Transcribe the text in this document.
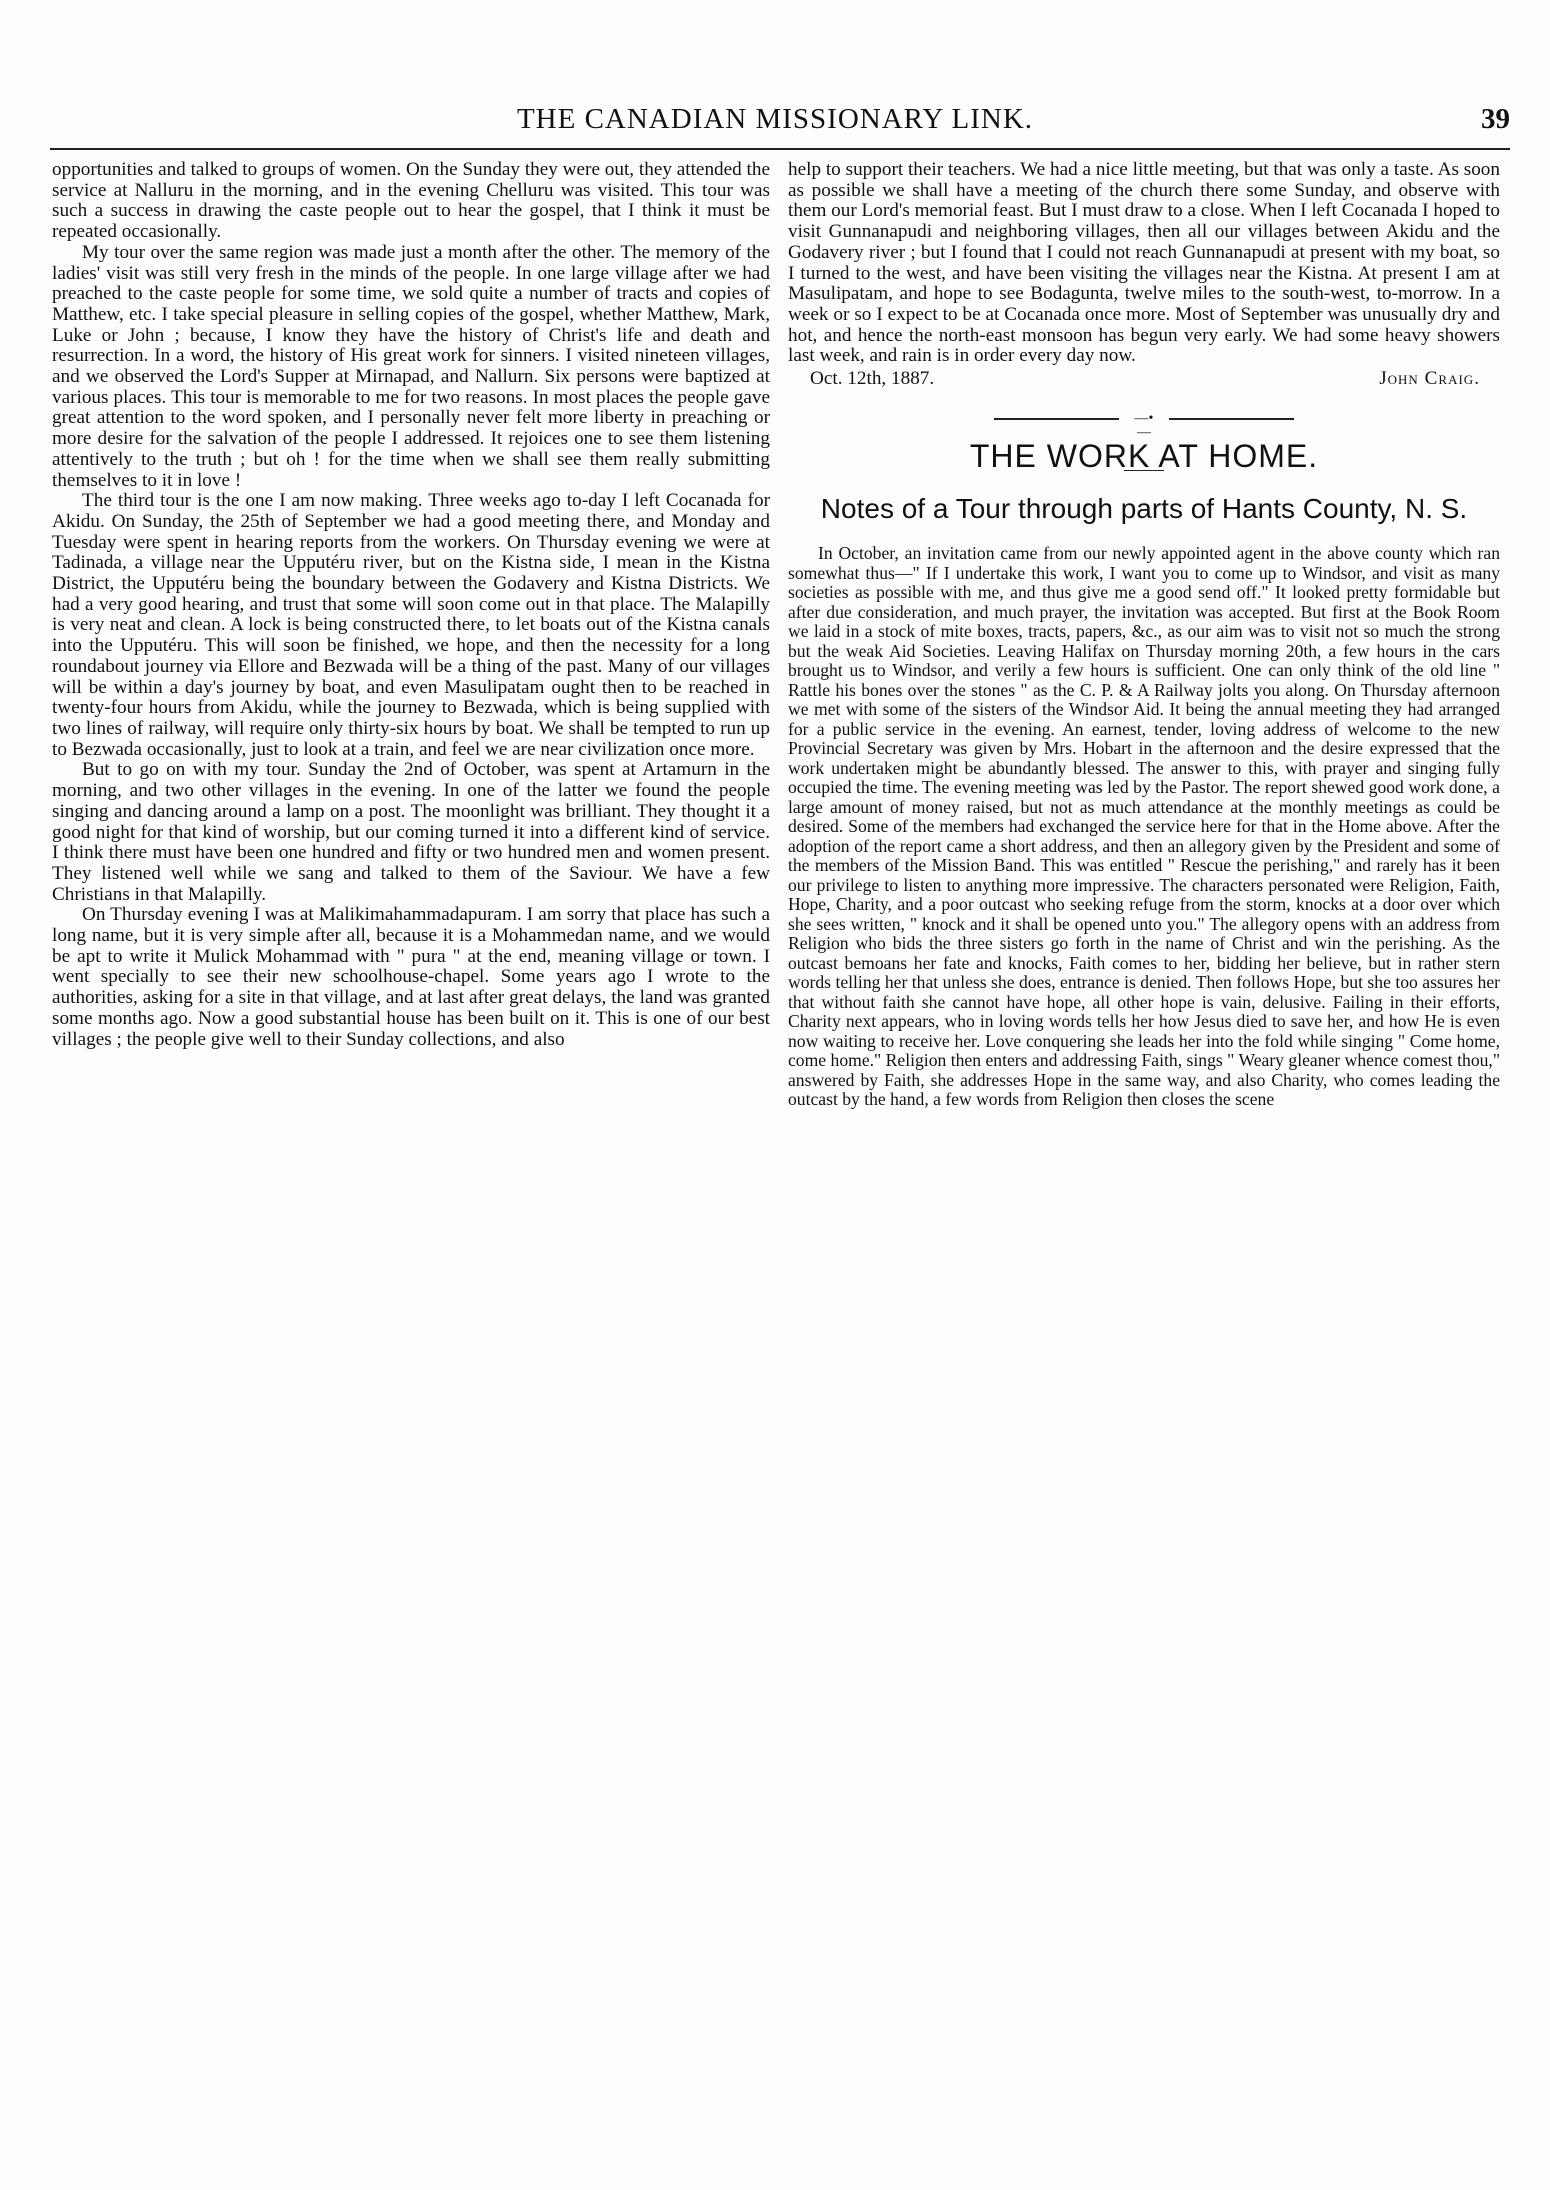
THE CANADIAN MISSIONARY LINK.	39

opportunities and talked to groups of women. On the Sunday they were out, they attended the service at Nalluru in the morning, and in the evening Chelluru was visited. This tour was such a success in drawing the caste people out to hear the gospel, that I think it must be repeated occasionally.

My tour over the same region was made just a month after the other. The memory of the ladies' visit was still very fresh in the minds of the people. In one large village after we had preached to the caste people for some time, we sold quite a number of tracts and copies of Matthew, etc. I take special pleasure in selling copies of the gospel, whether Matthew, Mark, Luke or John ; because, I know they have the history of Christ's life and death and resurrection. In a word, the history of His great work for sinners. I visited nineteen villages, and we observed the Lord's Supper at Mirnapad, and Nallurn. Six persons were baptized at various places. This tour is memorable to me for two reasons. In most places the people gave great attention to the word spoken, and I personally never felt more liberty in preaching or more desire for the salvation of the people I addressed. It rejoices one to see them listening attentively to the truth ; but oh ! for the time when we shall see them really submitting themselves to it in love !

The third tour is the one I am now making. Three weeks ago to-day I left Cocanada for Akidu. On Sunday, the 25th of September we had a good meeting there, and Monday and Tuesday were spent in hearing reports from the workers. On Thursday evening we were at Tadinada, a village near the Upputéru river, but on the Kistna side, I mean in the Kistna District, the Upputéru being the boundary between the Godavery and Kistna Districts. We had a very good hearing, and trust that some will soon come out in that place. The Malapilly is very neat and clean. A lock is being constructed there, to let boats out of the Kistna canals into the Upputéru. This will soon be finished, we hope, and then the necessity for a long roundabout journey via Ellore and Bezwada will be a thing of the past. Many of our villages will be within a day's journey by boat, and even Masulipatam ought then to be reached in twenty-four hours from Akidu, while the journey to Bezwada, which is being supplied with two lines of railway, will require only thirty-six hours by boat. We shall be tempted to run up to Bezwada occasionally, just to look at a train, and feel we are near civilization once more.

But to go on with my tour. Sunday the 2nd of October, was spent at Artamurn in the morning, and two other villages in the evening. In one of the latter we found the people singing and dancing around a lamp on a post. The moonlight was brilliant. They thought it a good night for that kind of worship, but our coming turned it into a different kind of service. I think there must have been one hundred and fifty or two hundred men and women present. They listened well while we sang and talked to them of the Saviour. We have a few Christians in that Malapilly.

On Thursday evening I was at Malikimahammadapuram. I am sorry that place has such a long name, but it is very simple after all, because it is a Mohammedan name, and we would be apt to write it Mulick Mohammad with " pura " at the end, meaning village or town. I went specially to see their new schoolhouse-chapel. Some years ago I wrote to the authorities, asking for a site in that village, and at last after great delays, the land was granted some months ago. Now a good substantial house has been built on it. This is one of our best villages ; the people give well to their Sunday collections, and also

help to support their teachers. We had a nice little meeting, but that was only a taste. As soon as possible we shall have a meeting of the church there some Sunday, and observe with them our Lord's memorial feast. But I must draw to a close. When I left Cocanada I hoped to visit Gunnanapudi and neighboring villages, then all our villages between Akidu and the Godavery river ; but I found that I could not reach Gunnanapudi at present with my boat, so I turned to the west, and have been visiting the villages near the Kistna. At present I am at Masulipatam, and hope to see Bodagunta, twelve miles to the south-west, to-morrow. In a week or so I expect to be at Cocanada once more. Most of September was unusually dry and hot, and hence the north-east monsoon has begun very early. We had some heavy showers last week, and rain is in order every day now.

Oct. 12th, 1887.	John Craig.
—•—
THE WORK AT HOME.
Notes of a Tour through parts of Hants County, N. S.

In October, an invitation came from our newly appointed agent in the above county which ran somewhat thus—" If I undertake this work, I want you to come up to Windsor, and visit as many societies as possible with me, and thus give me a good send off." It looked pretty formidable but after due consideration, and much prayer, the invitation was accepted. But first at the Book Room we laid in a stock of mite boxes, tracts, papers, &c., as our aim was to visit not so much the strong but the weak Aid Societies. Leaving Halifax on Thursday morning 20th, a few hours in the cars brought us to Windsor, and verily a few hours is sufficient. One can only think of the old line " Rattle his bones over the stones " as the C. P. & A Railway jolts you along. On Thursday afternoon we met with some of the sisters of the Windsor Aid. It being the annual meeting they had arranged for a public service in the evening. An earnest, tender, loving address of welcome to the new Provincial Secretary was given by Mrs. Hobart in the afternoon and the desire expressed that the work undertaken might be abundantly blessed. The answer to this, with prayer and singing fully occupied the time. The evening meeting was led by the Pastor. The report shewed good work done, a large amount of money raised, but not as much attendance at the monthly meetings as could be desired. Some of the members had exchanged the service here for that in the Home above. After the adoption of the report came a short address, and then an allegory given by the President and some of the members of the Mission Band. This was entitled " Rescue the perishing," and rarely has it been our privilege to listen to anything more impressive. The characters personated were Religion, Faith, Hope, Charity, and a poor outcast who seeking refuge from the storm, knocks at a door over which she sees written, " knock and it shall be opened unto you." The allegory opens with an address from Religion who bids the three sisters go forth in the name of Christ and win the perishing. As the outcast bemoans her fate and knocks, Faith comes to her, bidding her believe, but in rather stern words telling her that unless she does, entrance is denied. Then follows Hope, but she too assures her that without faith she cannot have hope, all other hope is vain, delusive. Failing in their efforts, Charity next appears, who in loving words tells her how Jesus died to save her, and how He is even now waiting to receive her. Love conquering she leads her into the fold while singing " Come home, come home." Religion then enters and addressing Faith, sings " Weary gleaner whence comest thou," answered by Faith, she addresses Hope in the same way, and also Charity, who comes leading the outcast by the hand, a few words from Religion then closes the scene
